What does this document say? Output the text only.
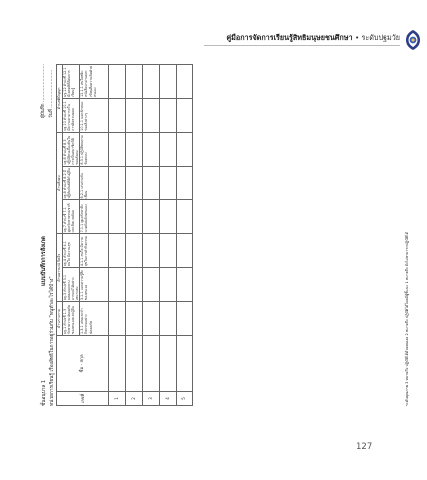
คู่มือการจัดการเรียนรู้สิทธิมนุษยชนศึกษา • ระดับปฐมวัย
ชั้นอนุบาล 1 หน่วยการเรียนรู้ เรื่องสิทธิในการอยู่ร่วมกับ “หนูทำอะไรได้บ้าง”
แบบบันทึกการสังเกต
ผู้บันทึก ..........................
วันที่ ..........................
เลขที่	ชื่อ - สกุล	ด้านร่างกาย	ด้านอารมณ์ จิตใจ		ด้านสังคม			ด้านสติปัญญา	
		มฐ.1 ตัวบ่งชี้ 1.3 รักษาความปลอดภัยของตนเองและผู้อื่น	มฐ.3 ตัวบ่งชี้ 3.1 แสดงออกทางอารมณ์ได้อย่างเหมาะสม	มฐ.4 ตัวบ่งชี้ 4.1 สนใจ มีความสุข	มฐ.7 ตัวบ่งชี้ 7.1 ดูแลรักษาธรรมชาติและสิ่งแวดล้อม	มฐ.8 ตัวบ่งชี้ 8.2 มีปฏิสัมพันธ์ที่ดีกับผู้อื่น	มฐ.8 ตัวบ่งชี้ 8.3 ปฏิบัติตนเบื้องต้นในการเป็นสมาชิกที่ดีของสังคม	มฐ.10 ตัวบ่งชี้ 10.1 มีความสามารถในการคิดรวบยอด	มฐ.12 ตัวบ่งชี้ 12.1 มีเจตคติที่ดีต่อการเรียนรู้
		1.3.1 เล่นและทำกิจกรรมอย่างปลอดภัย	3.1.1 บอกความรู้สึกของตนเอง	4.1.1 สนใจ มีความสุขในการทำกิจกรรม	7.1.1 ดูแลรักษาสิ่งแวดล้อมด้วยตนเอง	8.2.1 เล่นร่วมกับเพื่อน	8.3.1 ปฏิบัติตนตามข้อตกลง	10.1.1 บอกลักษณะของสิ่งต่างๆ	12.1.1 สนใจหยิบหนังสือมาอ่านและเขียนสื่อความคิดด้วยตนเอง
1									
2									
3									
4									
5										ระดับคุณภาพ 3 หมายถึง ปฏิบัติได้ด้วยตนเอง 2 หมายถึง ปฏิบัติได้โดยมีผู้ชี้แนะ 1 หมายถึง ยังไม่สามารถปฏิบัติได้
127
